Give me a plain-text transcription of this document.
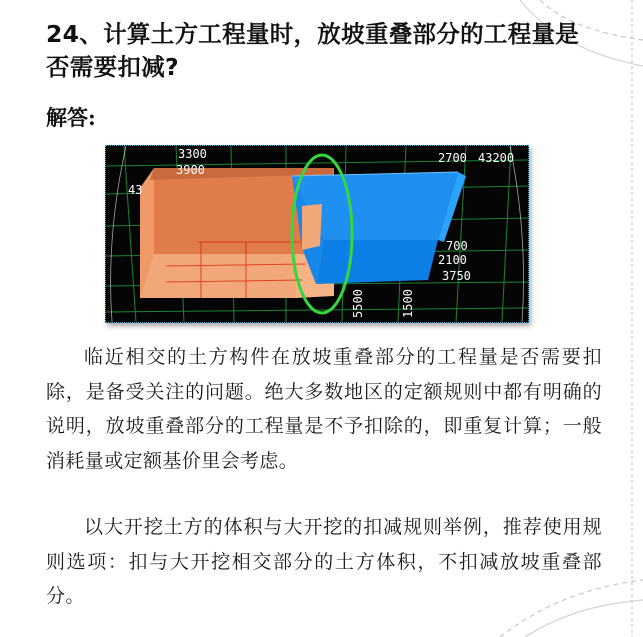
24、计算土方工程量时，放坡重叠部分的工程量是否需要扣减?
解答:
3300
3900
43
2700 43200
700
2100
3750
5500	1500

临近相交的土方构件在放坡重叠部分的工程量是否需要扣除，是备受关注的问题。绝大多数地区的定额规则中都有明确的说明，放坡重叠部分的工程量是不予扣除的，即重复计算；一般消耗量或定额基价里会考虑。

以大开挖土方的体积与大开挖的扣减规则举例，推荐使用规则选项：扣与大开挖相交部分的土方体积，不扣减放坡重叠部分。
